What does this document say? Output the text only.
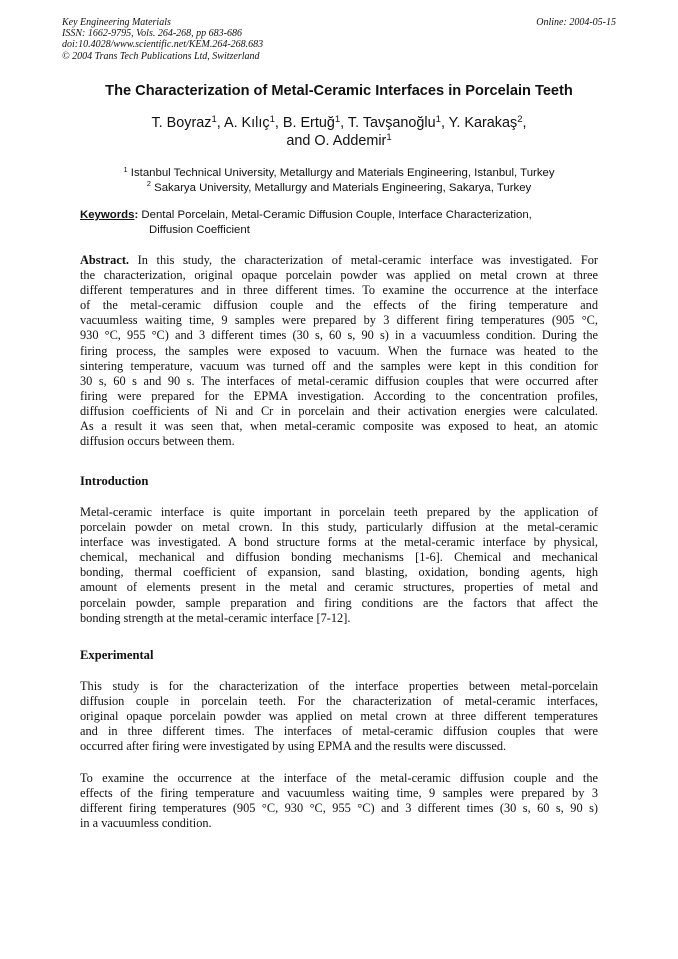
Key Engineering Materials
ISSN: 1662-9795, Vols. 264-268, pp 683-686
doi:10.4028/www.scientific.net/KEM.264-268.683
© 2004 Trans Tech Publications Ltd, Switzerland
Online: 2004-05-15
The Characterization of Metal-Ceramic Interfaces in Porcelain Teeth
T. Boyraz$^1$, A. Kılıç$^1$, B. Ertuğ$^1$, T. Tavşanoğlu$^1$, Y. Karakaş$^2$,
and O. Addemir$^1$
$^1$ Istanbul Technical University, Metallurgy and Materials Engineering, Istanbul, Turkey
$^2$ Sakarya University, Metallurgy and Materials Engineering, Sakarya, Turkey
Keywords: Dental Porcelain, Metal-Ceramic Diffusion Couple, Interface Characterization,
Diffusion Coefficient
Abstract. In this study, the characterization of metal-ceramic interface was investigated. For
the characterization, original opaque porcelain powder was applied on metal crown at three
different temperatures and in three different times. To examine the occurrence at the interface
of the metal-ceramic diffusion couple and the effects of the firing temperature and
vacuumless waiting time, 9 samples were prepared by 3 different firing temperatures (905 °C,
930 °C, 955 °C) and 3 different times (30 s, 60 s, 90 s) in a vacuumless condition. During the
firing process, the samples were exposed to vacuum. When the furnace was heated to the
sintering temperature, vacuum was turned off and the samples were kept in this condition for
30 s, 60 s and 90 s. The interfaces of metal-ceramic diffusion couples that were occurred after
firing were prepared for the EPMA investigation. According to the concentration profiles,
diffusion coefficients of Ni and Cr in porcelain and their activation energies were calculated.
As a result it was seen that, when metal-ceramic composite was exposed to heat, an atomic
diffusion occurs between them.
Introduction
Metal-ceramic interface is quite important in porcelain teeth prepared by the application of
porcelain powder on metal crown. In this study, particularly diffusion at the metal-ceramic
interface was investigated. A bond structure forms at the metal-ceramic interface by physical,
chemical, mechanical and diffusion bonding mechanisms [1-6]. Chemical and mechanical
bonding, thermal coefficient of expansion, sand blasting, oxidation, bonding agents, high
amount of elements present in the metal and ceramic structures, properties of metal and
porcelain powder, sample preparation and firing conditions are the factors that affect the
bonding strength at the metal-ceramic interface [7-12].
Experimental
This study is for the characterization of the interface properties between metal-porcelain
diffusion couple in porcelain teeth. For the characterization of metal-ceramic interfaces,
original opaque porcelain powder was applied on metal crown at three different temperatures
and in three different times. The interfaces of metal-ceramic diffusion couples that were
occurred after firing were investigated by using EPMA and the results were discussed.
To examine the occurrence at the interface of the metal-ceramic diffusion couple and the
effects of the firing temperature and vacuumless waiting time, 9 samples were prepared by 3
different firing temperatures (905 °C, 930 °C, 955 °C) and 3 different times (30 s, 60 s, 90 s)
in a vacuumless condition.
